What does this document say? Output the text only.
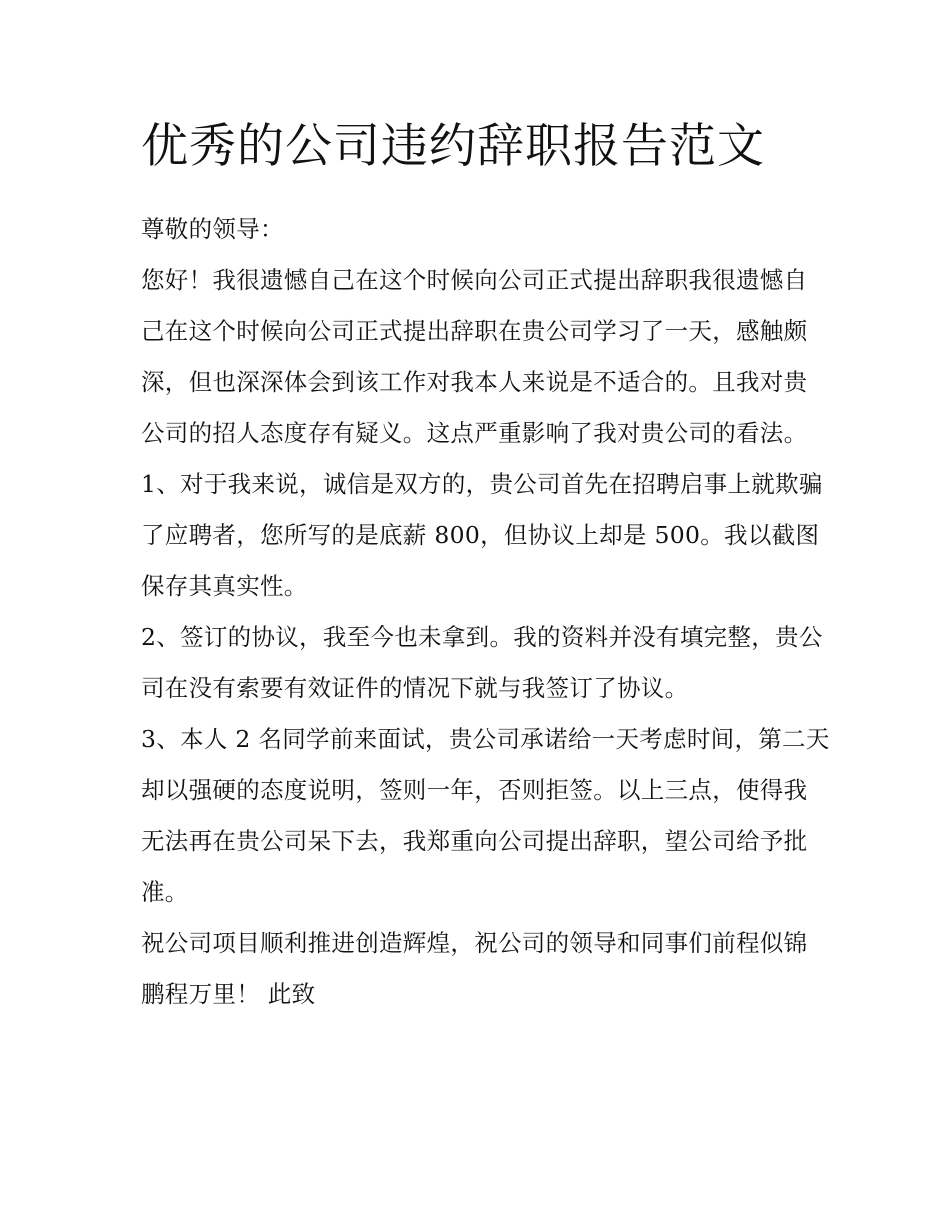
优秀的公司违约辞职报告范文

尊敬的领导：

您好！我很遗憾自己在这个时候向公司正式提出辞职我很遗憾自己在这个时候向公司正式提出辞职在贵公司学习了一天，感触颇深，但也深深体会到该工作对我本人来说是不适合的。且我对贵公司的招人态度存有疑义。这点严重影响了我对贵公司的看法。

1、对于我来说，诚信是双方的，贵公司首先在招聘启事上就欺骗了应聘者，您所写的是底薪 800，但协议上却是 500。我以截图保存其真实性。

2、签订的协议，我至今也未拿到。我的资料并没有填完整，贵公司在没有索要有效证件的情况下就与我签订了协议。

3、本人 2 名同学前来面试，贵公司承诺给一天考虑时间，第二天却以强硬的态度说明，签则一年，否则拒签。以上三点，使得我无法再在贵公司呆下去，我郑重向公司提出辞职，望公司给予批准。

祝公司项目顺利推进创造辉煌，祝公司的领导和同事们前程似锦鹏程万里！ 此致
